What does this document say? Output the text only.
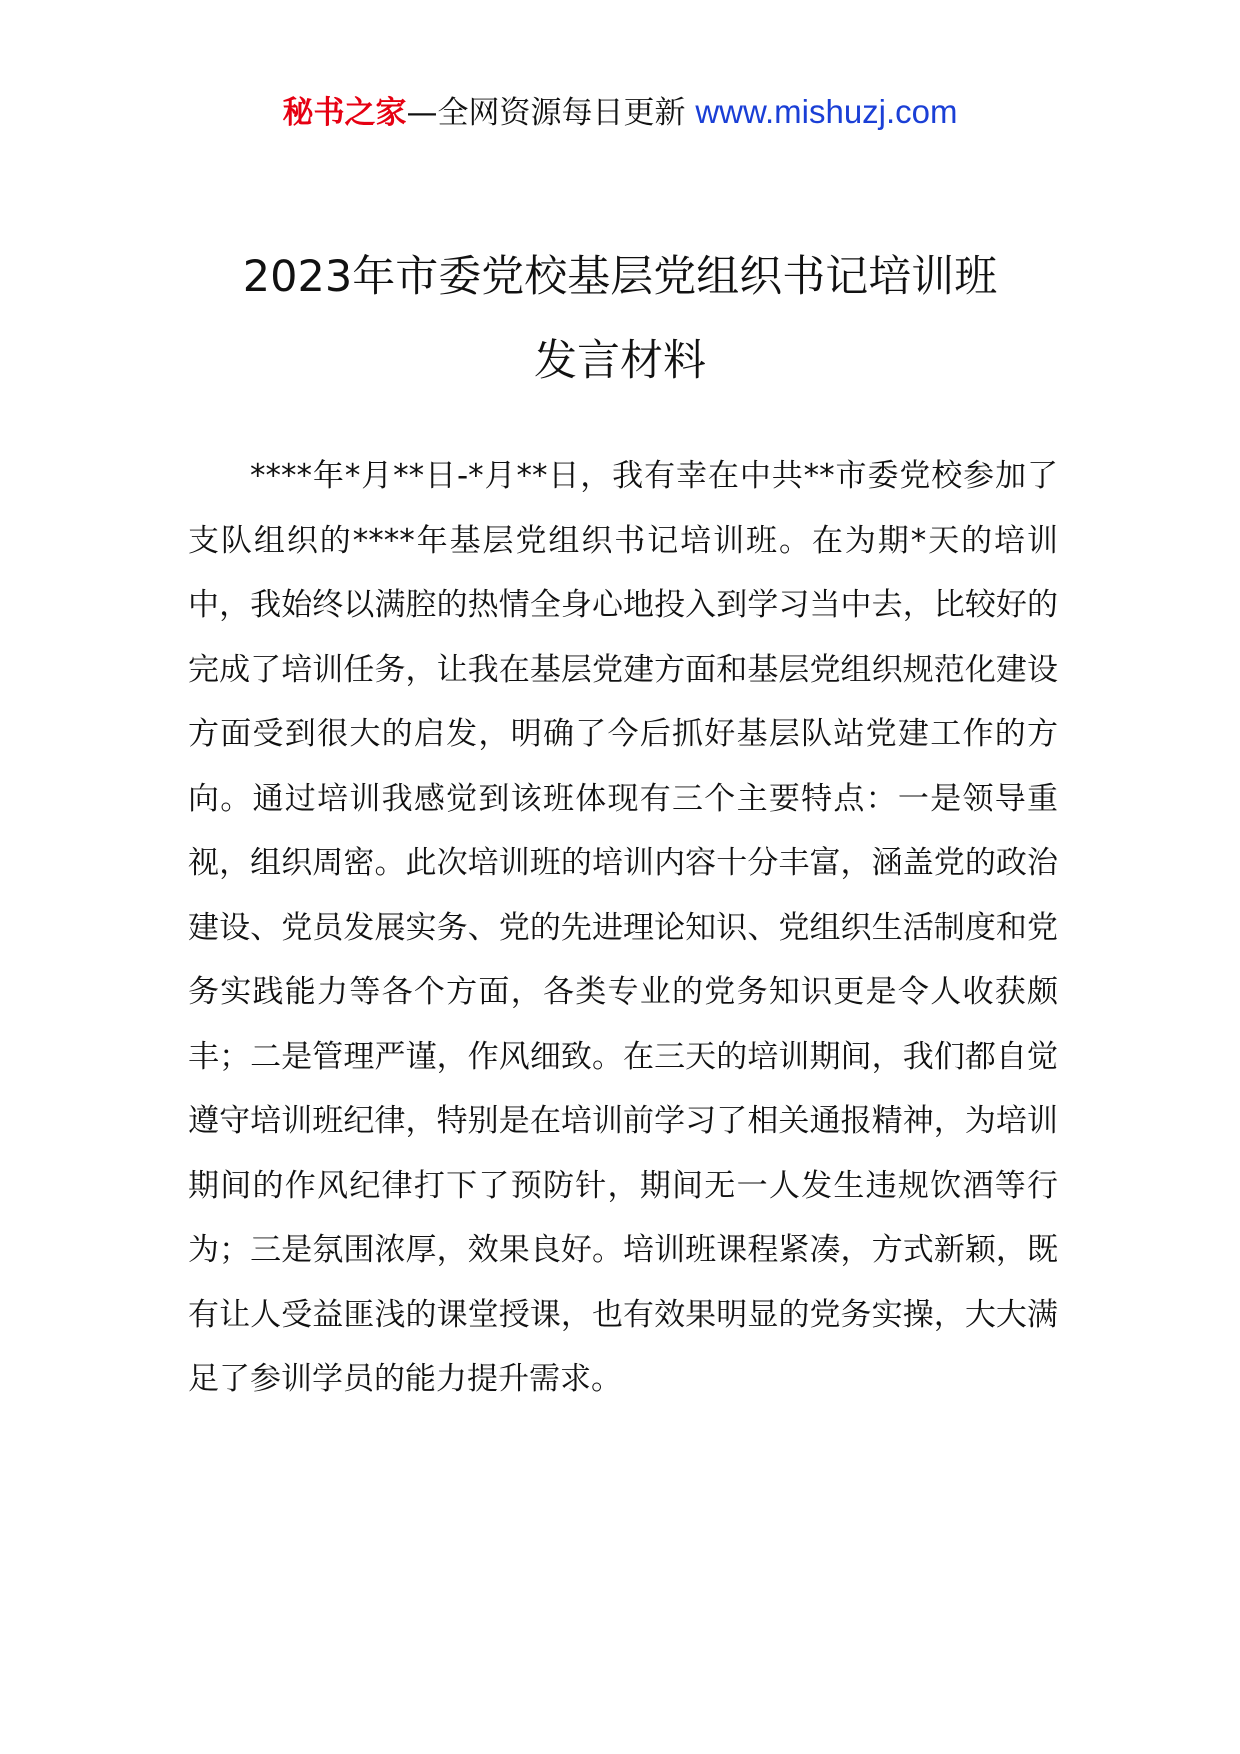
秘书之家—全网资源每日更新 www.mishuzj.com
2023年市委党校基层党组织书记培训班
发言材料

****年*月**日-*月**日，我有幸在中共**市委党校参加了支队组织的****年基层党组织书记培训班。在为期*天的培训中，我始终以满腔的热情全身心地投入到学习当中去，比较好的完成了培训任务，让我在基层党建方面和基层党组织规范化建设方面受到很大的启发，明确了今后抓好基层队站党建工作的方向。通过培训我感觉到该班体现有三个主要特点：一是领导重视，组织周密。此次培训班的培训内容十分丰富，涵盖党的政治建设、党员发展实务、党的先进理论知识、党组织生活制度和党务实践能力等各个方面，各类专业的党务知识更是令人收获颇丰；二是管理严谨，作风细致。在三天的培训期间，我们都自觉遵守培训班纪律，特别是在培训前学习了相关通报精神，为培训期间的作风纪律打下了预防针，期间无一人发生违规饮酒等行为；三是氛围浓厚，效果良好。培训班课程紧凑，方式新颖，既有让人受益匪浅的课堂授课，也有效果明显的党务实操，大大满足了参训学员的能力提升需求。
